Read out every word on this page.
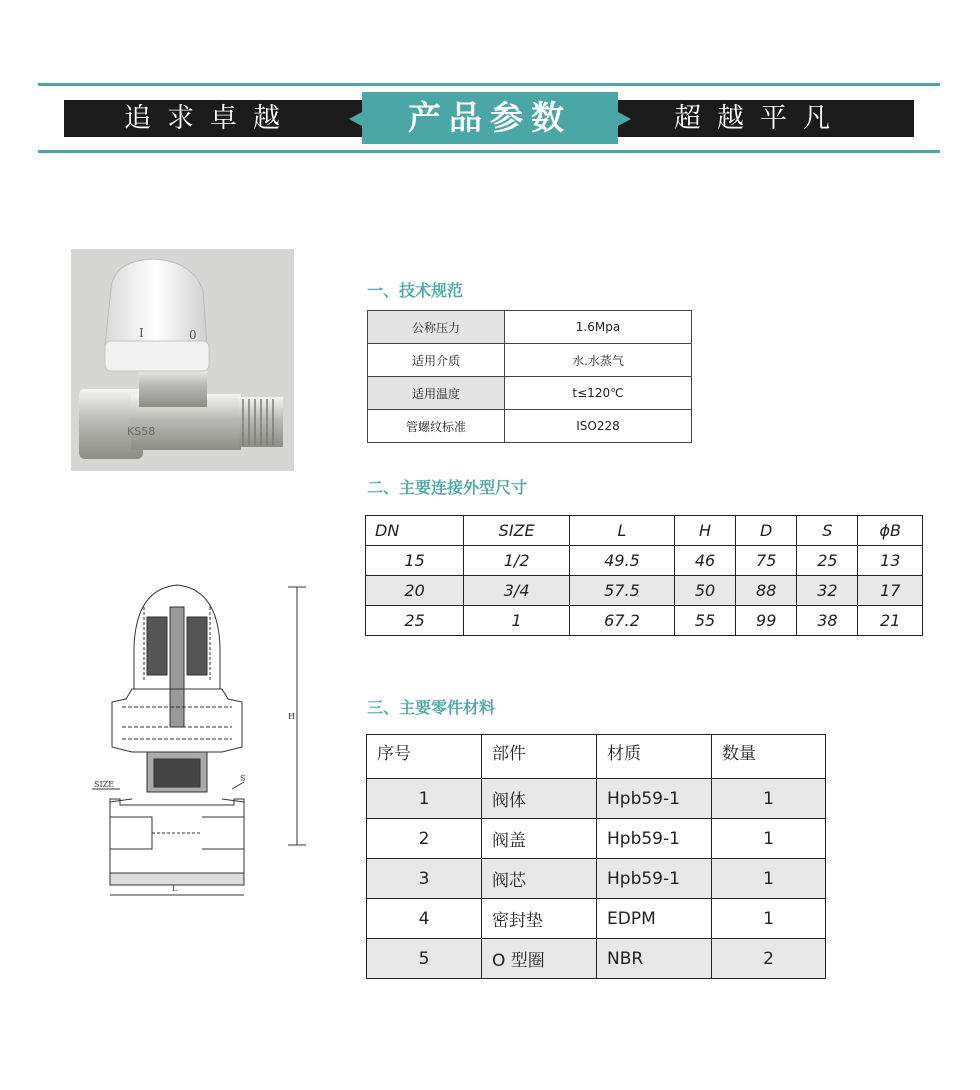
追求卓越	产品参数	超越平凡
I	0
KS58
一、技术规范
公称压力	1.6Mpa
适用介质	水.水蒸气
适用温度	t≤120℃
管螺纹标准	ISO228
二、主要连接外型尺寸
DN	SIZE	L	H	D	S	ϕB
15	1/2	49.5	46	75	25	13
20	3/4	57.5	50	88	32	17
25	1	67.2	55	99	38	21
H
SIZE
S
L
三、主要零件材料
序号	部件	材质	数量
1	阀体	Hpb59-1	1
2	阀盖	Hpb59-1	1
3	阀芯	Hpb59-1	1
4	密封垫	EDPM	1
5	O 型圈	NBR	2
